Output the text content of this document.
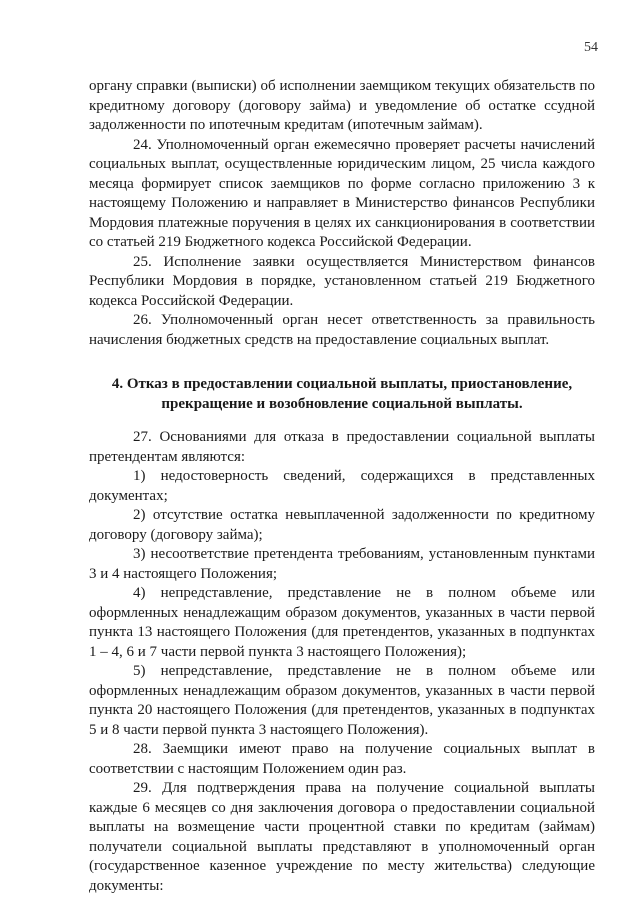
54

органу справки (выписки) об исполнении заемщиком текущих обязательств по кредитному договору (договору займа) и уведомление об остатке ссудной задолженности по ипотечным кредитам (ипотечным займам).

24. Уполномоченный орган ежемесячно проверяет расчеты начислений социальных выплат, осуществленные юридическим лицом, 25 числа каждого месяца формирует список заемщиков по форме согласно приложению 3 к настоящему Положению и направляет в Министерство финансов Республики Мордовия платежные поручения в целях их санкционирования в соответствии со статьей 219 Бюджетного кодекса Российской Федерации.

25. Исполнение заявки осуществляется Министерством финансов Республики Мордовия в порядке, установленном статьей 219 Бюджетного кодекса Российской Федерации.

26. Уполномоченный орган несет ответственность за правильность начисления бюджетных средств на предоставление социальных выплат.

4. Отказ в предоставлении социальной выплаты, приостановление,
прекращение и возобновление социальной выплаты.

27. Основаниями для отказа в предоставлении социальной выплаты претендентам являются:

1) недостоверность сведений, содержащихся в представленных документах;

2) отсутствие остатка невыплаченной задолженности по кредитному договору (договору займа);

3) несоответствие претендента требованиям, установленным пунктами 3 и 4 настоящего Положения;

4) непредставление, представление не в полном объеме или оформленных ненадлежащим образом документов, указанных в части первой пункта 13 настоящего Положения (для претендентов, указанных в подпунктах 1 – 4, 6 и 7 части первой пункта 3 настоящего Положения);

5) непредставление, представление не в полном объеме или оформленных ненадлежащим образом документов, указанных в части первой пункта 20 настоящего Положения (для претендентов, указанных в подпунктах 5 и 8 части первой пункта 3 настоящего Положения).

28. Заемщики имеют право на получение социальных выплат в соответствии с настоящим Положением один раз.

29. Для подтверждения права на получение социальной выплаты каждые 6 месяцев со дня заключения договора о предоставлении социальной выплаты на возмещение части процентной ставки по кредитам (займам) получатели социальной выплаты представляют в уполномоченный орган (государственное казенное учреждение по месту жительства) следующие документы:
